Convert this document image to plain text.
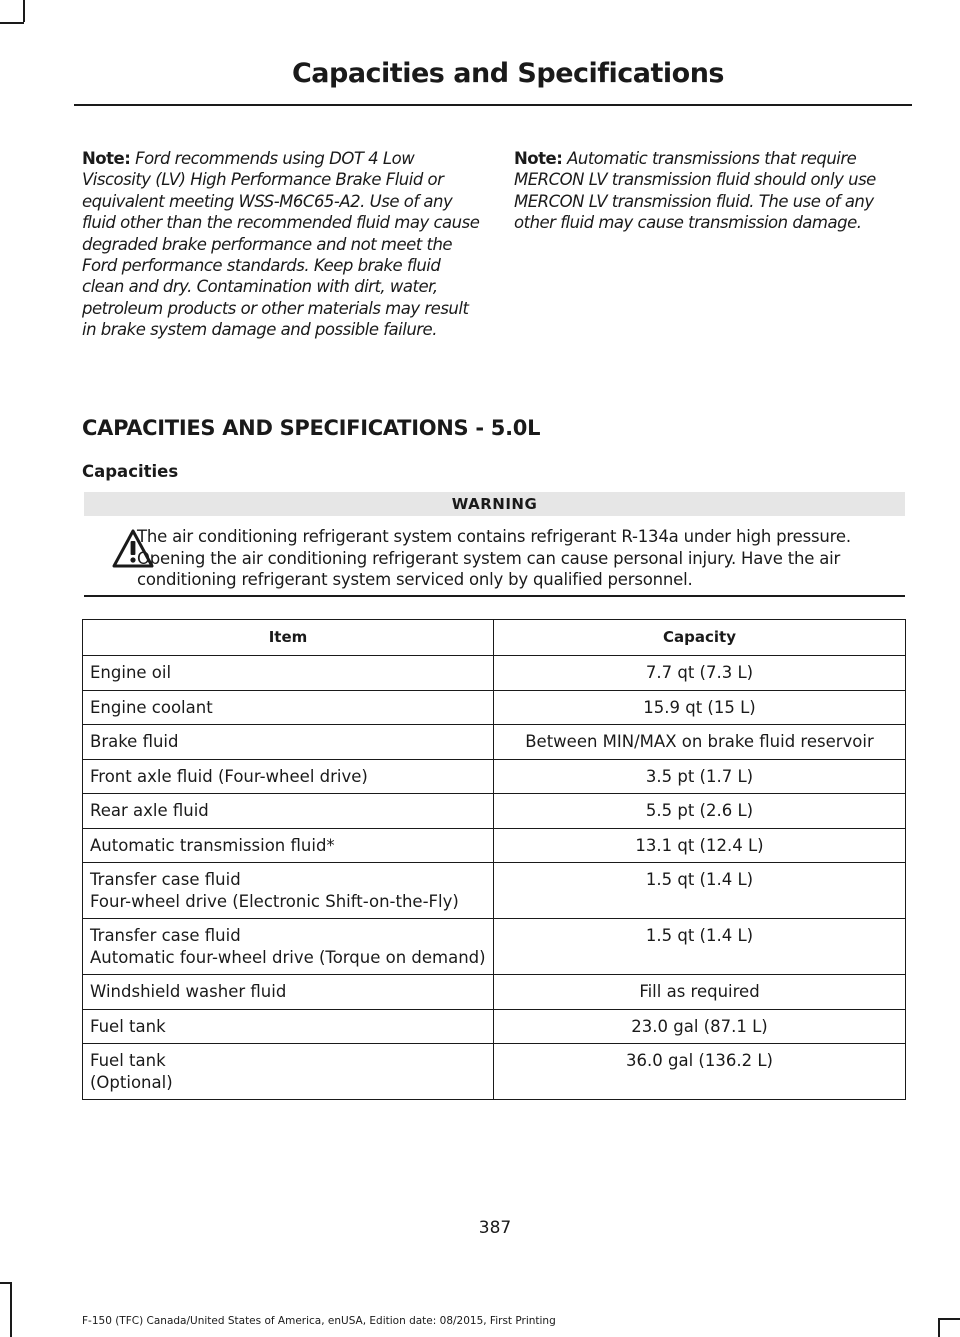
Capacities and Specifications
Note: Ford recommends using DOT 4 Low Viscosity (LV) High Performance Brake Fluid or equivalent meeting WSS-M6C65-A2. Use of any fluid other than the recommended fluid may cause degraded brake performance and not meet the Ford performance standards. Keep brake fluid clean and dry. Contamination with dirt, water, petroleum products or other materials may result in brake system damage and possible failure.
Note: Automatic transmissions that require MERCON LV transmission fluid should only use MERCON LV transmission fluid. The use of any other fluid may cause transmission damage.
CAPACITIES AND SPECIFICATIONS - 5.0L
Capacities
WARNING
The air conditioning refrigerant system contains refrigerant R-134a under high pressure. Opening the air conditioning refrigerant system can cause personal injury. Have the air conditioning refrigerant system serviced only by qualified personnel.
Item	Capacity

Engine oil	7.7 qt (7.3 L)

Engine coolant	15.9 qt (15 L)

Brake fluid	Between MIN/MAX on brake fluid reservoir

Front axle fluid (Four-wheel drive)	3.5 pt (1.7 L)

Rear axle fluid	5.5 pt (2.6 L)

Automatic transmission fluid*	13.1 qt (12.4 L)

Transfer case fluid
Four-wheel drive (Electronic Shift-on-the-Fly)	1.5 qt (1.4 L)

Transfer case fluid
Automatic four-wheel drive (Torque on demand)	1.5 qt (1.4 L)

Windshield washer fluid	Fill as required

Fuel tank	23.0 gal (87.1 L)

Fuel tank
(Optional)	36.0 gal (136.2 L)
387
F-150 (TFC) Canada/United States of America, enUSA, Edition date: 08/2015, First Printing
